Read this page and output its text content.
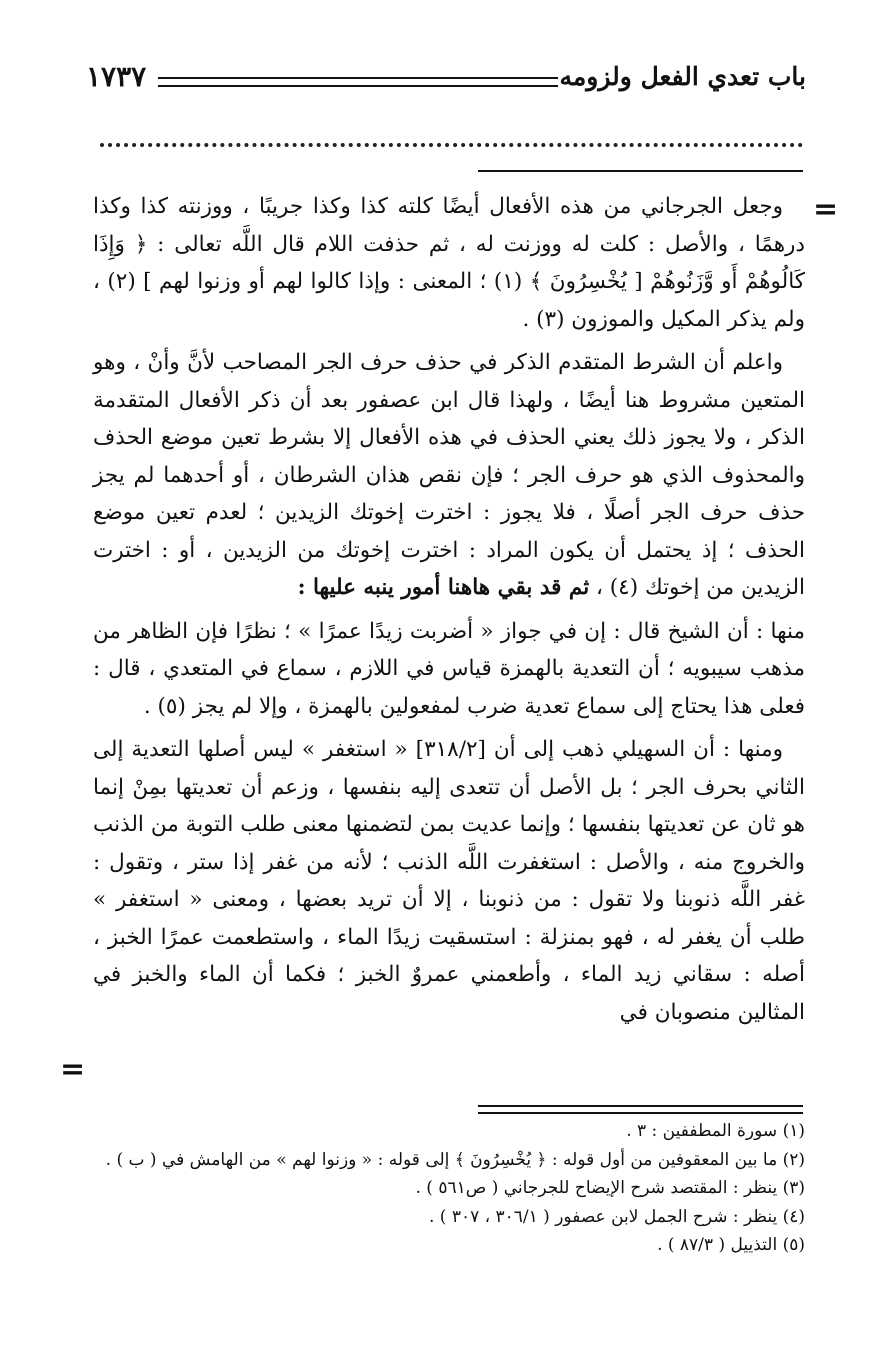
باب تعدي الفعل ولزومه
١٧٣٧
=

وجعل الجرجاني من هذه الأفعال أيضًا كلته كذا وكذا جريبًا ، ووزنته كذا وكذا درهمًا ، والأصل : كلت له ووزنت له ، ثم حذفت اللام قال اللَّه تعالى : ﴿ وَإِذَا كَالُوهُمْ أَو وَّزَنُوهُمْ [ يُخْسِرُونَ ﴾ (١) ؛ المعنى : وإذا كالوا لهم أو وزنوا لهم ] (٢) ، ولم يذكر المكيل والموزون (٣) .

واعلم أن الشرط المتقدم الذكر في حذف حرف الجر المصاحب لأنَّ وأنْ ، وهو المتعين مشروط هنا أيضًا ، ولهذا قال ابن عصفور بعد أن ذكر الأفعال المتقدمة الذكر ، ولا يجوز ذلك يعني الحذف في هذه الأفعال إلا بشرط تعين موضع الحذف والمحذوف الذي هو حرف الجر ؛ فإن نقص هذان الشرطان ، أو أحدهما لم يجز حذف حرف الجر أصلًا ، فلا يجوز : اخترت إخوتك الزيدين ؛ لعدم تعين موضع الحذف ؛ إذ يحتمل أن يكون المراد : اخترت إخوتك من الزيدين ، أو : اخترت الزيدين من إخوتك (٤) ، ثم قد بقي هاهنا أمور ينبه عليها :

منها : أن الشيخ قال : إن في جواز « أضربت زيدًا عمرًا » ؛ نظرًا فإن الظاهر من مذهب سيبويه ؛ أن التعدية بالهمزة قياس في اللازم ، سماع في المتعدي ، قال : فعلى هذا يحتاج إلى سماع تعدية ضرب لمفعولين بالهمزة ، وإلا لم يجز (٥) .

ومنها : أن السهيلي ذهب إلى أن [٣١٨/٢] « استغفر » ليس أصلها التعدية إلى الثاني بحرف الجر ؛ بل الأصل أن تتعدى إليه بنفسها ، وزعم أن تعديتها بمِنْ إنما هو ثان عن تعديتها بنفسها ؛ وإنما عديت بمن لتضمنها معنى طلب التوبة من الذنب والخروج منه ، والأصل : استغفرت اللَّه الذنب ؛ لأنه من غفر إذا ستر ، وتقول : غفر اللَّه ذنوبنا ولا تقول : من ذنوبنا ، إلا أن تريد بعضها ، ومعنى « استغفر » طلب أن يغفر له ، فهو بمنزلة : استسقيت زيدًا الماء ، واستطعمت عمرًا الخبز ، أصله : سقاني زيد الماء ، وأطعمني عمروٌ الخبز ؛ فكما أن الماء والخبز في المثالين منصوبان في

=
(١) سورة المطففين : ٣ .
(٢) ما بين المعقوفين من أول قوله : ﴿ يُخْسِرُونَ ﴾ إلى قوله : « وزنوا لهم » من الهامش في ( ب ) .
(٣) ينظر : المقتصد شرح الإيضاح للجرجاني ( ص٥٦١ ) .
(٤) ينظر : شرح الجمل لابن عصفور ( ٣٠٦/١ ، ٣٠٧ ) .
(٥) التذييل ( ٨٧/٣ ) .
